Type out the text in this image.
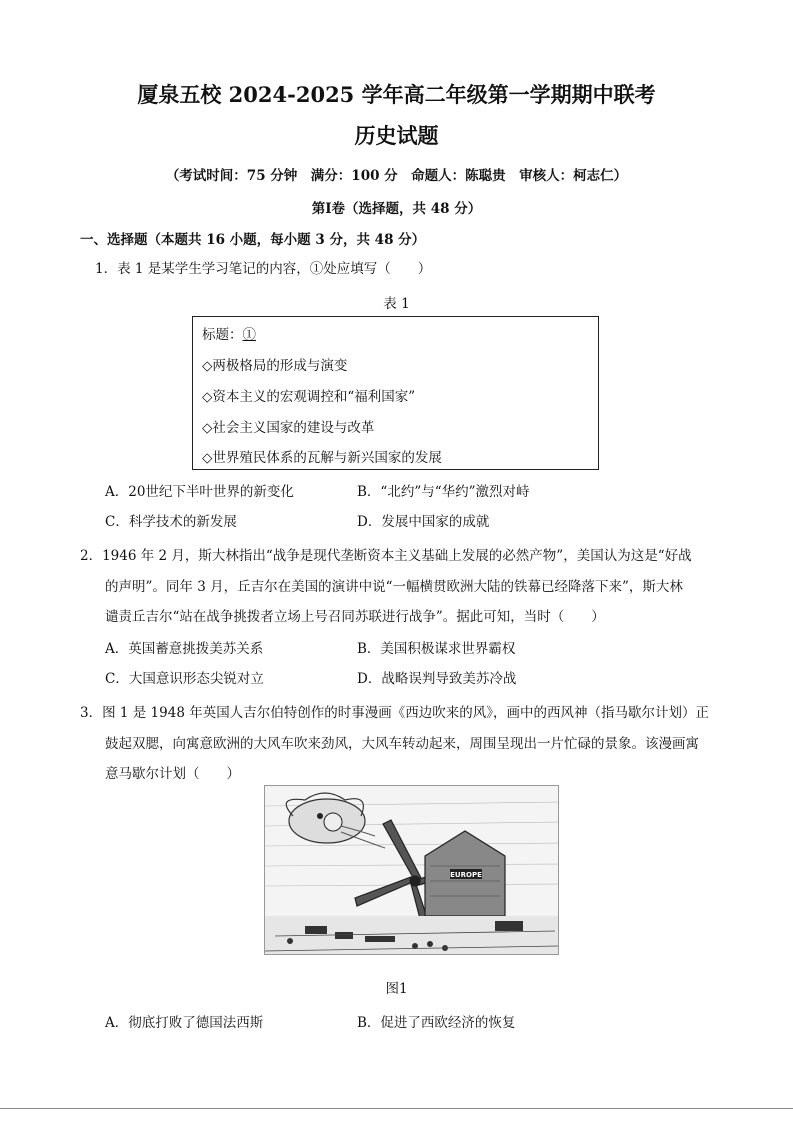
厦泉五校 2024-2025 学年高二年级第一学期期中联考
历史试题
（考试时间：75 分钟　满分：100 分　命题人：陈聪贵　审核人：柯志仁）
第Ⅰ卷（选择题，共 48 分）
一、选择题（本题共 16 小题，每小题 3 分，共 48 分）
1．表 1 是某学生学习笔记的内容，①处应填写（　　）
表 1
标题：①
◇两极格局的形成与演变
◇资本主义的宏观调控和“福利国家”
◇社会主义国家的建设与改革
◇世界殖民体系的瓦解与新兴国家的发展
A．20世纪下半叶世界的新变化	B．“北约”与“华约”激烈对峙
C．科学技术的新发展	D．发展中国家的成就
2．1946 年 2 月，斯大林指出“战争是现代垄断资本主义基础上发展的必然产物”，美国认为这是“好战
的声明”。同年 3 月，丘吉尔在美国的演讲中说“一幅横贯欧洲大陆的铁幕已经降落下来”，斯大林
谴责丘吉尔“站在战争挑拨者立场上号召同苏联进行战争”。据此可知，当时（　　）
A．英国蓄意挑拨美苏关系	B．美国积极谋求世界霸权
C．大国意识形态尖锐对立	D．战略误判导致美苏冷战
3．图 1 是 1948 年英国人吉尔伯特创作的时事漫画《西边吹来的风》，画中的西风神（指马歇尔计划）正
鼓起双腮，向寓意欧洲的大风车吹来劲风，大风车转动起来，周围呈现出一片忙碌的景象。该漫画寓
意马歇尔计划（　　）
EUROPE
图1
A．彻底打败了德国法西斯	B．促进了西欧经济的恢复
